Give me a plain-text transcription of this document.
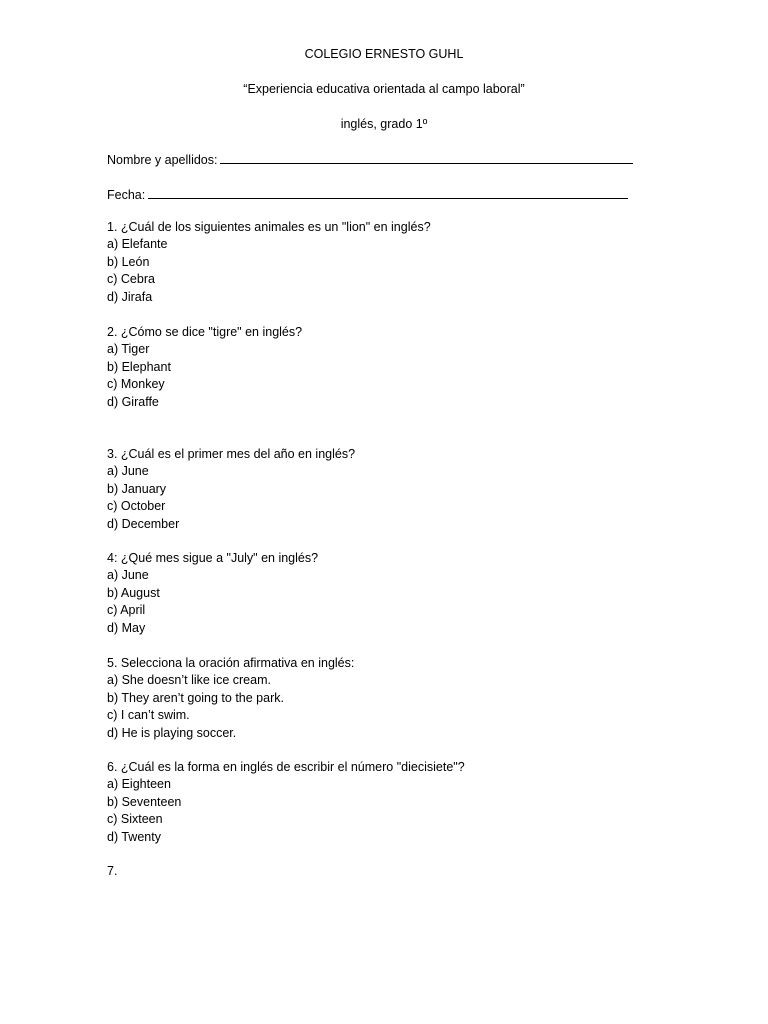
COLEGIO ERNESTO GUHL
“Experiencia educativa orientada al campo laboral”
inglés, grado 1º
Nombre y apellidos:
Fecha:
1. ¿Cuál de los siguientes animales es un "lion" en inglés?
a) Elefante
b) León
c) Cebra
d) Jirafa
2. ¿Cómo se dice "tigre" en inglés?
a) Tiger
b) Elephant
c) Monkey
d) Giraffe
3. ¿Cuál es el primer mes del año en inglés?
a) June
b) January
c) October
d) December
4: ¿Qué mes sigue a "July" en inglés?
a) June
b) August
c) April
d) May
5. Selecciona la oración afirmativa en inglés:
a) She doesn’t like ice cream.
b) They aren’t going to the park.
c) I can’t swim.
d) He is playing soccer.
6. ¿Cuál es la forma en inglés de escribir el número "diecisiete"?
a) Eighteen
b) Seventeen
c) Sixteen
d) Twenty
7.
